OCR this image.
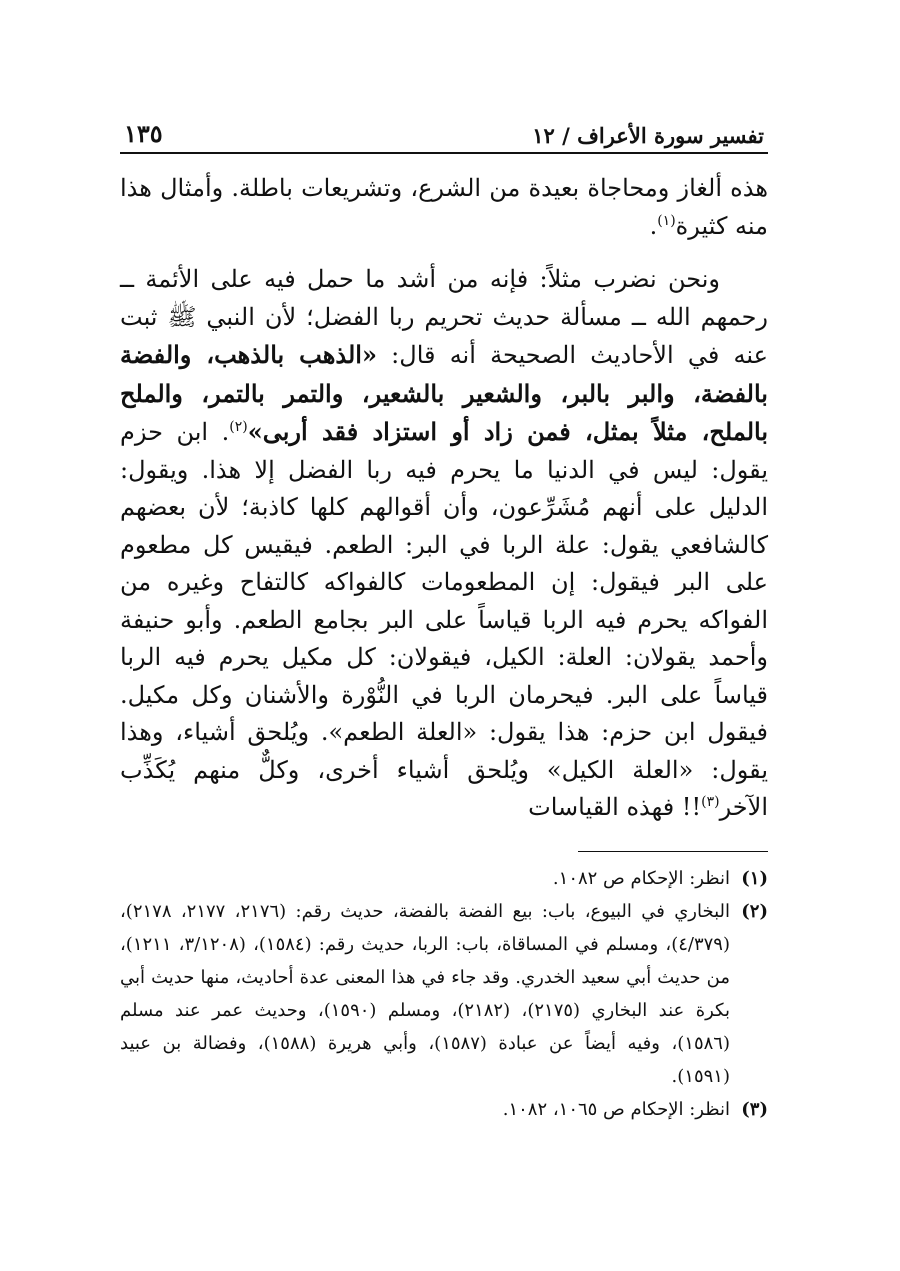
تفسير سورة الأعراف / ١٢
١٣٥

هذه ألغاز ومحاجاة بعيدة من الشرع، وتشريعات باطلة. وأمثال هذا منه كثيرة$^{(١)}$.

ونحن نضرب مثلاً: فإنه من أشد ما حمل فيه على الأئمة ــ رحمهم الله ــ مسألة حديث تحريم ربا الفضل؛ لأن النبي ﷺ ثبت عنه في الأحاديث الصحيحة أنه قال: «الذهب بالذهب، والفضة بالفضة، والبر بالبر، والشعير بالشعير، والتمر بالتمر، والملح بالملح، مثلاً بمثل، فمن زاد أو استزاد فقد أربى»$^{(٢)}$. ابن حزم يقول: ليس في الدنيا ما يحرم فيه ربا الفضل إلا هذا. ويقول: الدليل على أنهم مُشَرِّعون، وأن أقوالهم كلها كاذبة؛ لأن بعضهم كالشافعي يقول: علة الربا في البر: الطعم. فيقيس كل مطعوم على البر فيقول: إن المطعومات كالفواكه كالتفاح وغيره من الفواكه يحرم فيه الربا قياساً على البر بجامع الطعم. وأبو حنيفة وأحمد يقولان: العلة: الكيل، فيقولان: كل مكيل يحرم فيه الربا قياساً على البر. فيحرمان الربا في النُّوْرة والأشنان وكل مكيل. فيقول ابن حزم: هذا يقول: «العلة الطعم». ويُلحق أشياء، وهذا يقول: «العلة الكيل» ويُلحق أشياء أخرى، وكلٌّ منهم يُكَذِّب الآخر$^{(٣)}$!! فهذه القياسات

(١)
انظر: الإحكام ص ١٠٨٢.
(٢)
البخاري في البيوع، باب: بيع الفضة بالفضة، حديث رقم: (٢١٧٦، ٢١٧٧، ٢١٧٨)، (٤/٣٧٩)، ومسلم في المساقاة، باب: الربا، حديث رقم: (١٥٨٤)، (٣/١٢٠٨، ١٢١١)، من حديث أبي سعيد الخدري. وقد جاء في هذا المعنى عدة أحاديث، منها حديث أبي بكرة عند البخاري (٢١٧٥)، (٢١٨٢)، ومسلم (١٥٩٠)، وحديث عمر عند مسلم (١٥٨٦)، وفيه أيضاً عن عبادة (١٥٨٧)، وأبي هريرة (١٥٨٨)، وفضالة بن عبيد (١٥٩١).
(٣)
انظر: الإحكام ص ١٠٦٥، ١٠٨٢.
